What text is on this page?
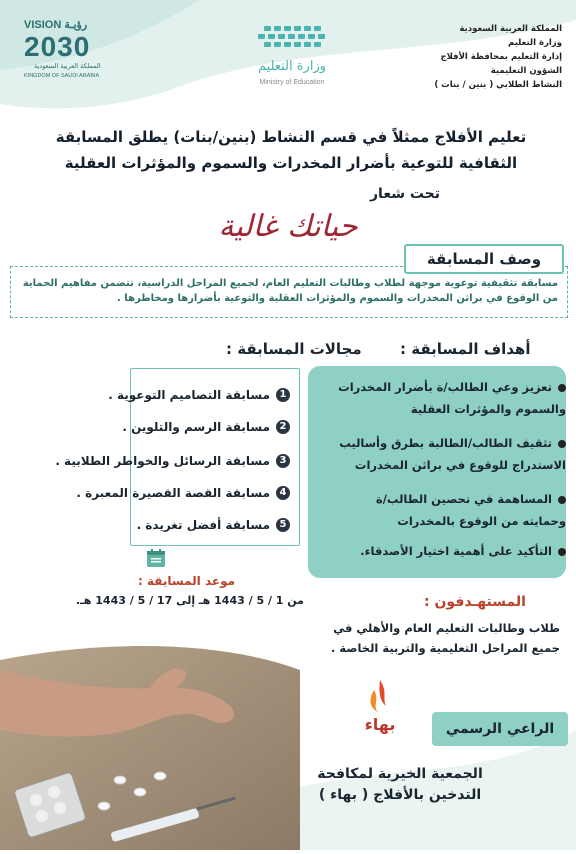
VISION رؤيـة
2030
المملكة العربية السعودية
KINGDOM OF SAUDI ARABIA
وزارة التعليم
Ministry of Education
المملكة العربية السعودية
وزارة التعليم
إدارة التعليم بمحافظة الأفلاج
الشؤون التعليمية
النشاط الطلابي ( بنين / بنات )
تعليم الأفلاج ممثلاً في قسم النشاط (بنين/بنات) يطلق المسابقة
الثقافية للتوعية بأضرار المخدرات والسموم والمؤثرات العقلية
تحت شعار
حياتك غالية
وصف المسابقة
مسابقة تثقيفية توعوية موجهة لطلاب وطالبات التعليم العام، لجميع المراحل الدراسية، تتضمن مفاهيم الحماية من الوقوع في براثن المخدرات والسموم والمؤثرات العقلية والتوعية بأضرارها ومخاطرها .
مجالات المسابقة :	أهداف المسابقة :
1
مسابقة التصاميم التوعوية .
2
مسابقة الرسم والتلوين .
3
مسابقة الرسائل والخواطر الطلابية .
4
مسابقة القصة القصيرة المعبرة .
5
مسابقة أفضل تغريدة .
تعزيز وعي الطالب/ة بأضرار المخدرات والسموم والمؤثرات العقلية
تثقيف الطالب/الطالبة بطرق وأساليب الاستدراج للوقوع في براثن المخدرات
المساهمة في تحصين الطالب/ة وحمايته من الوقوع بالمخدرات
التأكيد على أهمية اختيار الأصدقاء.
موعد المسابقة :
من 1 / 5 / 1443 هـ إلى 17 / 5 / 1443 هـ.	المستهـدفون :
طلاب وطالبات التعليم العام والأهلي في
جميع المراحل التعليمية والتربية الخاصة .
بهاء	الراعي الرسمي
الجمعية الخيرية لمكافحة
التدخين بالأفلاج ( بهاء )
